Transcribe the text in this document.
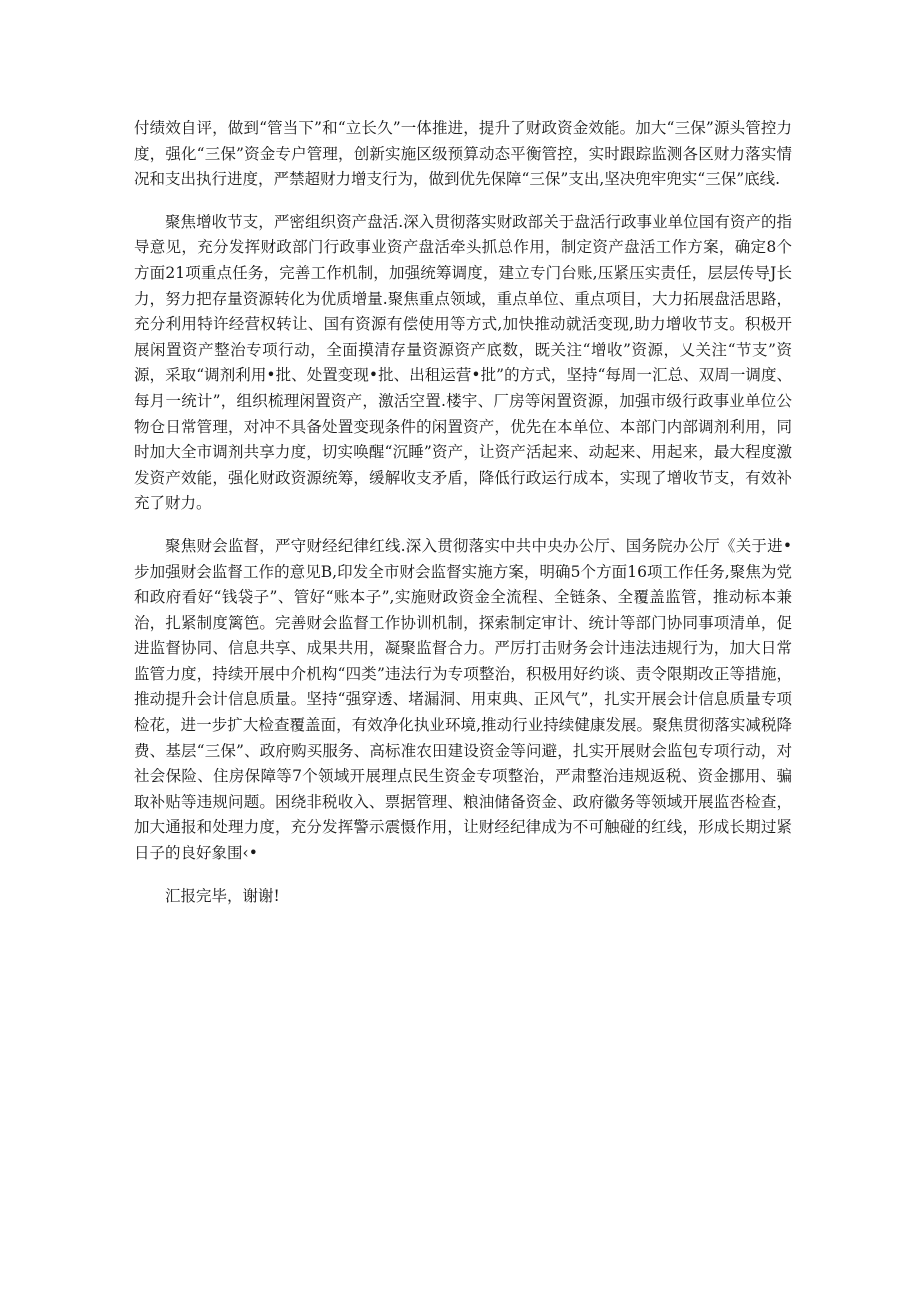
付绩效自评，做到“管当下”和“立长久”一体推进，提升了财政资金效能。加大“三保”源头管控力度，强化“三保”资金专户管理，创新实施区级预算动态平衡管控，实时跟踪监测各区财力落实情况和支出执行进度，严禁超财力增支行为，做到优先保障“三保”支出,坚决兜牢兜实“三保”底线.

聚焦增收节支，严密组织资产盘活.深入贯彻落实财政部关于盘活行政事业单位国有资产的指导意见，充分发挥财政部门行政事业资产盘活牵头抓总作用，制定资产盘活工作方案，确定8个方面21项重点任务，完善工作机制，加强统筹调度，建立专门台账,压紧压实责任，层层传导J长力，努力把存量资源转化为优质增量.聚焦重点领域，重点单位、重点项目，大力拓展盘活思路，充分利用特许经营权转让、国有资源有偿使用等方式,加快推动就活变现,助力增收节支。积极开展闲置资产整治专项行动，全面摸清存量资源资产底数，既关注“增收”资源，乂关注“节支”资源，采取“调剂利用•批、处置变现•批、出租运营•批”的方式，坚持“每周一汇总、双周一调度、每月一统计”，组织梳理闲置资产，激活空置.楼宇、厂房等闲置资源，加强市级行政事业单位公物仓日常管理，对冲不具备处置变现条件的闲置资产，优先在本单位、本部门内部调剂利用，同时加大全市调剂共享力度，切实唤醒“沉睡”资产，让资产活起来、动起来、用起来，最大程度激发资产效能，强化财政资源统筹，缓解收支矛盾，降低行政运行成本，实现了增收节支，有效补充了财力。

聚焦财会监督，严守财经纪律红线.深入贯彻落实中共中央办公厅、国务院办公厅《关于进•步加强财会监督工作的意见B,印发全市财会监督实施方案，明确5个方面16项工作任务,聚焦为党和政府看好“钱袋子”、管好“账本子”,实施财政资金全流程、全链条、全覆盖监管，推动标本兼治，扎紧制度篱笆。完善财会监督工作协训机制，探索制定审计、统计等部门协同事项清单，促进监督协同、信息共享、成果共用，凝聚监督合力。严厉打击财务会计违法违规行为，加大日常监管力度，持续开展中介机构“四类”违法行为专项整治，积极用好约谈、责令限期改正等措施，推动提升会计信息质量。坚持“强穿透、堵漏洞、用束典、正风气”，扎实开展会计信息质量专项检花，进一步扩大检查覆盖面，有效净化执业环境,推动行业持续健康发展。聚焦贯彻落实减税降费、基层“三保”、政府购买服务、高标准农田建设资金等问避，扎实开展财会监包专项行动，对社会保险、住房保障等7个领域开展理点民生资金专项整治，严肃整治违规返税、资金挪用、骗取补贴等违规问题。困绕非税收入、票据管理、粮油储备资金、政府徽务等领域开展监呇检查，加大通报和处理力度，充分发挥警示震慑作用，让财经纪律成为不可触碰的红线，形成长期过紧日子的良好象围‹•

汇报完毕，谢谢!
